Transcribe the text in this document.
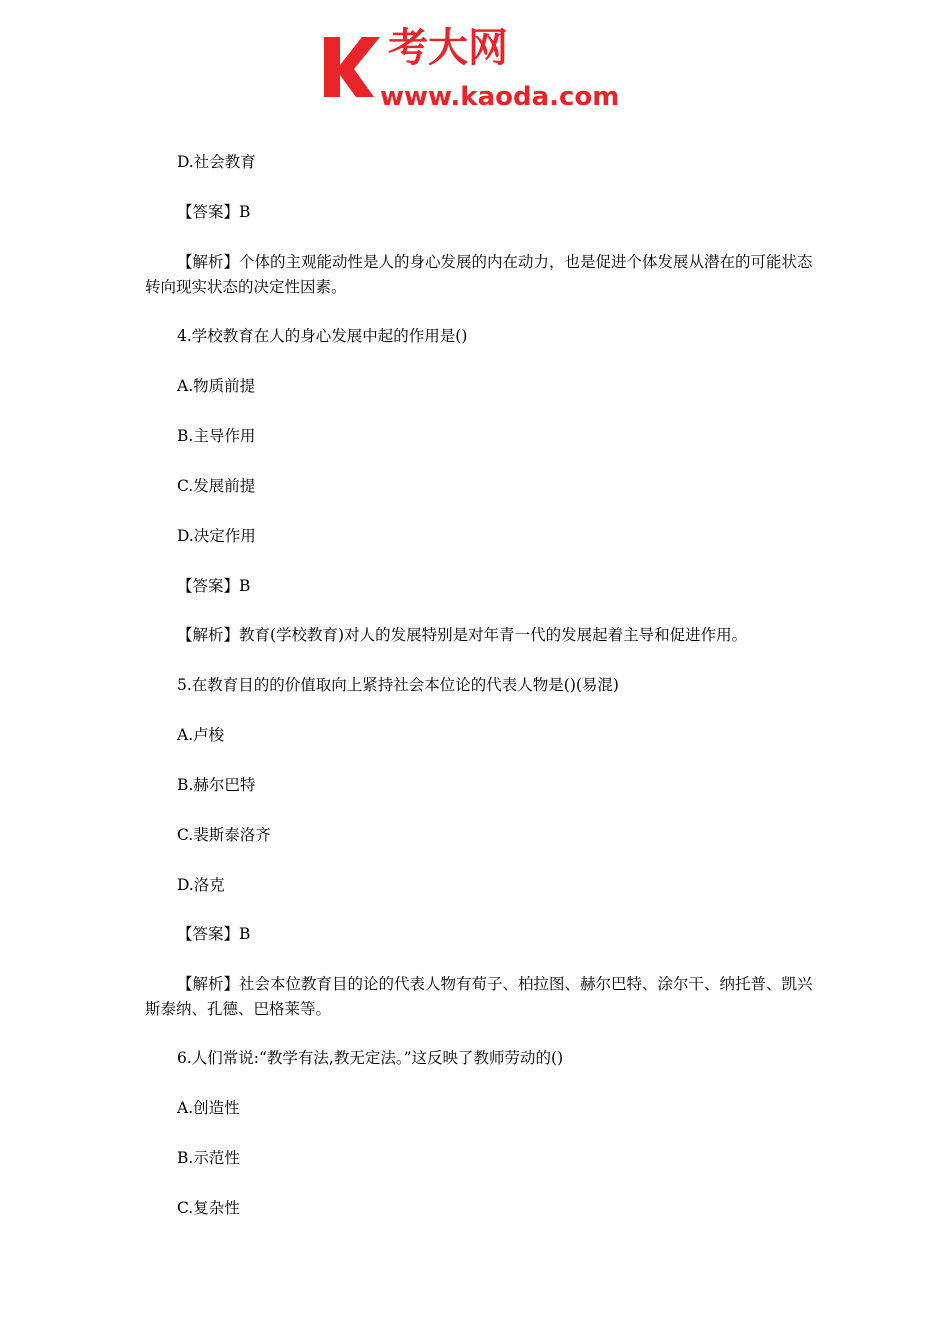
考大网
www.kaoda.com
D.社会教育
【答案】B
【解析】个体的主观能动性是人的身心发展的内在动力，也是促进个体发展从潜在的可能状态转向现实状态的决定性因素。
4.学校教育在人的身心发展中起的作用是()
A.物质前提
B.主导作用
C.发展前提
D.决定作用
【答案】B
【解析】教育(学校教育)对人的发展特别是对年青一代的发展起着主导和促进作用。
5.在教育目的的价值取向上紧持社会本位论的代表人物是()(易混)
A.卢梭
B.赫尔巴特
C.裴斯泰洛齐
D.洛克
【答案】B
【解析】社会本位教育目的论的代表人物有荀子、柏拉图、赫尔巴特、涂尔干、纳托普、凯兴斯泰纳、孔德、巴格莱等。
6.人们常说:“教学有法,教无定法。”这反映了教师劳动的()
A.创造性
B.示范性
C.复杂性
